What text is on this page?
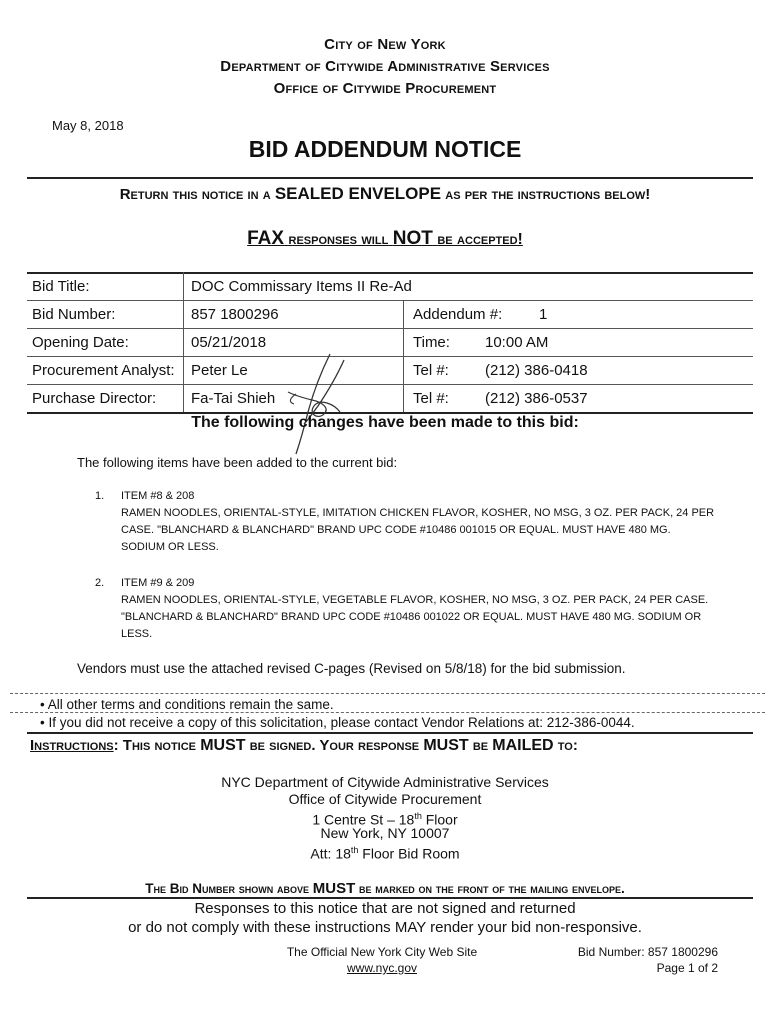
City of New York
Department of Citywide Administrative Services
Office of Citywide Procurement
May 8, 2018
BID ADDENDUM NOTICE
Return this notice in a SEALED ENVELOPE as per the instructions below!
FAX responses will NOT be accepted!
Bid Title:	DOC Commissary Items II Re-Ad
Bid Number:	857 1800296	Addendum #: 1
Opening Date:	05/21/2018	Time: 10:00 AM
Procurement Analyst: Peter Le	Tel #: (212) 386-0418
Purchase Director: Fa-Tai Shieh	Tel #: (212) 386-0537
The following changes have been made to this bid:
The following items have been added to the current bid:
1. ITEM #8 & 208
RAMEN NOODLES, ORIENTAL-STYLE, IMITATION CHICKEN FLAVOR, KOSHER, NO MSG, 3 OZ. PER PACK, 24 PER
CASE. "BLANCHARD & BLANCHARD" BRAND UPC CODE #10486 001015 OR EQUAL. MUST HAVE 480 MG.
SODIUM OR LESS.
2. ITEM #9 & 209
RAMEN NOODLES, ORIENTAL-STYLE, VEGETABLE FLAVOR, KOSHER, NO MSG, 3 OZ. PER PACK, 24 PER CASE.
"BLANCHARD & BLANCHARD" BRAND UPC CODE #10486 001022 OR EQUAL. MUST HAVE 480 MG. SODIUM OR
LESS.
Vendors must use the attached revised C-pages (Revised on 5/8/18) for the bid submission.
• All other terms and conditions remain the same.
• If you did not receive a copy of this solicitation, please contact Vendor Relations at: 212-386-0044.
Instructions: This notice MUST be signed. Your response MUST be MAILED to:
NYC Department of Citywide Administrative Services
Office of Citywide Procurement
1 Centre St – 18th Floor
New York, NY 10007
Att: 18th Floor Bid Room
The Bid Number shown above MUST be marked on the front of the mailing envelope.
Responses to this notice that are not signed and returned
or do not comply with these instructions MAY render your bid non-responsive.
The Official New York City Web Site
www.nyc.gov
Bid Number: 857 1800296
Page 1 of 2
